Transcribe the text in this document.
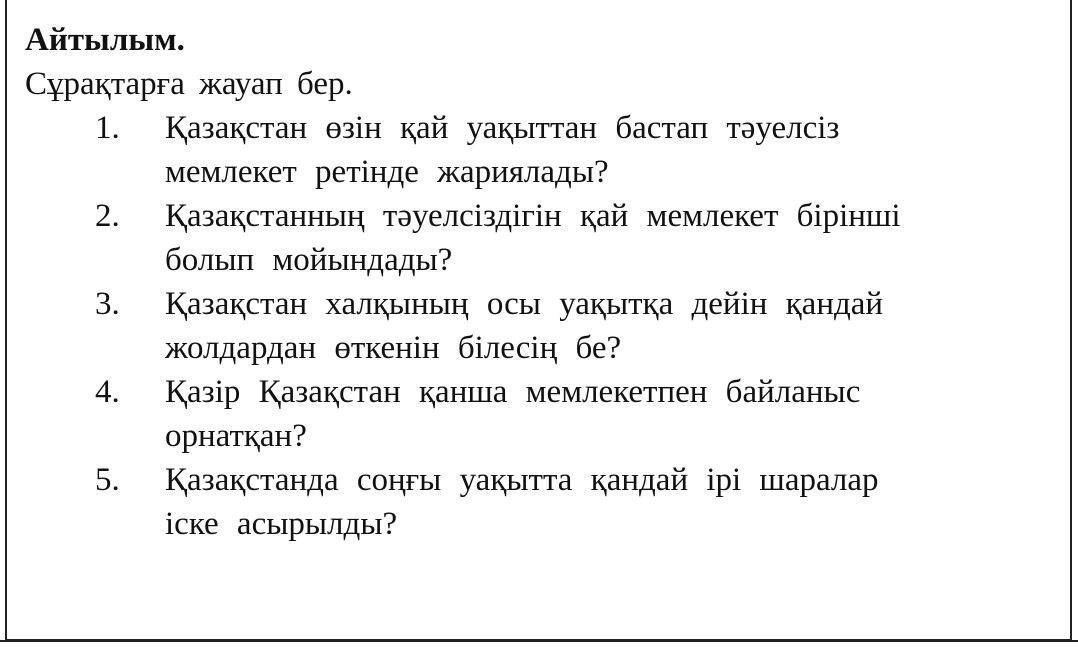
Айтылым.

Сұрақтарға жауап бер.

1. Қазақстан өзін қай уақыттан бастап тәуелсіз
мемлекет ретінде жариялады?
2. Қазақстанның тәуелсіздігін қай мемлекет бірінші
болып мойындады?
3. Қазақстан халқының осы уақытқа дейін қандай
жолдардан өткенін білесің бе?
4. Қазір Қазақстан қанша мемлекетпен байланыс
орнатқан?
5. Қазақстанда соңғы уақытта қандай ірі шаралар
іске асырылды?
